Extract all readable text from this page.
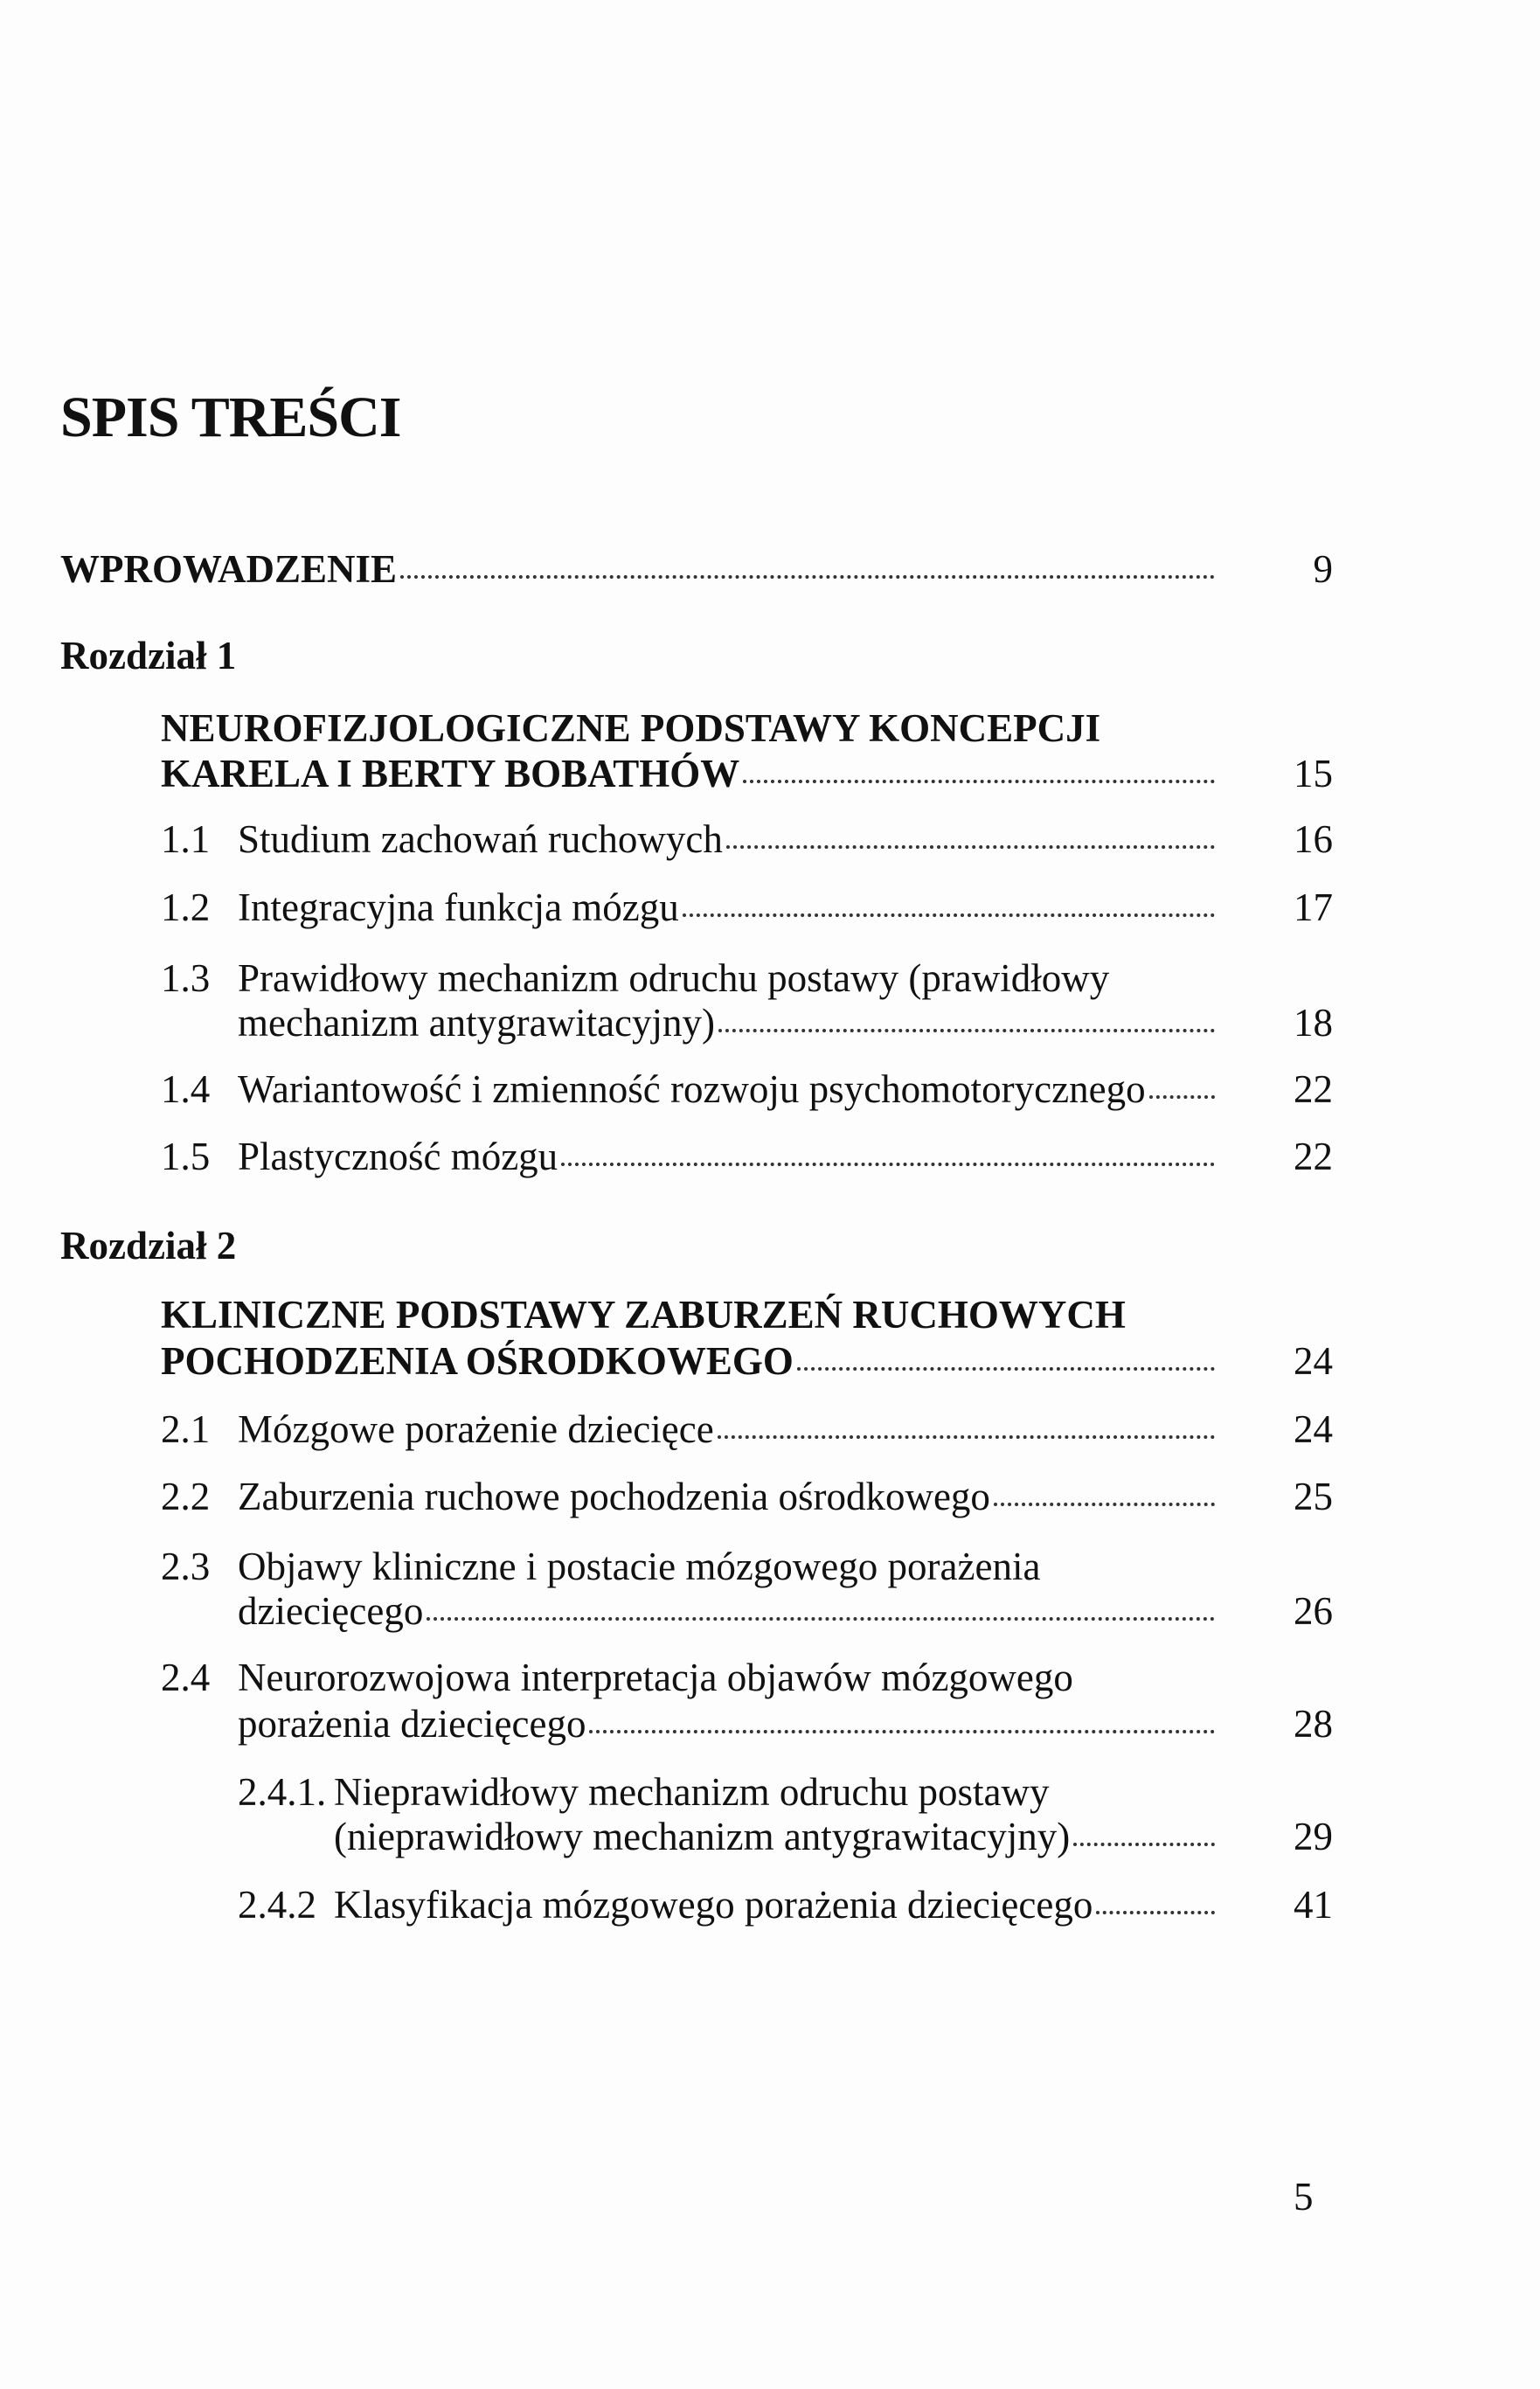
SPIS TREŚCI
WPROWADZENIE	9
Rozdział 1
NEUROFIZJOLOGICZNE PODSTAWY KONCEPCJI
KARELA I BERTY BOBATHÓW	15
1.1 Studium zachowań ruchowych	16
1.2 Integracyjna funkcja mózgu	17
1.3 Prawidłowy mechanizm odruchu postawy (prawidłowy
mechanizm antygrawitacyjny)	18
1.4 Wariantowość i zmienność rozwoju psychomotorycznego	22
1.5 Plastyczność mózgu	22
Rozdział 2
KLINICZNE PODSTAWY ZABURZEŃ RUCHOWYCH
POCHODZENIA OŚRODKOWEGO	24
2.1 Mózgowe porażenie dziecięce	24
2.2 Zaburzenia ruchowe pochodzenia ośrodkowego	25
2.3 Objawy kliniczne i postacie mózgowego porażenia
dziecięcego	26
2.4 Neurorozwojowa interpretacja objawów mózgowego
porażenia dziecięcego	28
2.4.1. Nieprawidłowy mechanizm odruchu postawy
(nieprawidłowy mechanizm antygrawitacyjny)	29
2.4.2 Klasyfikacja mózgowego porażenia dziecięcego	41
5
